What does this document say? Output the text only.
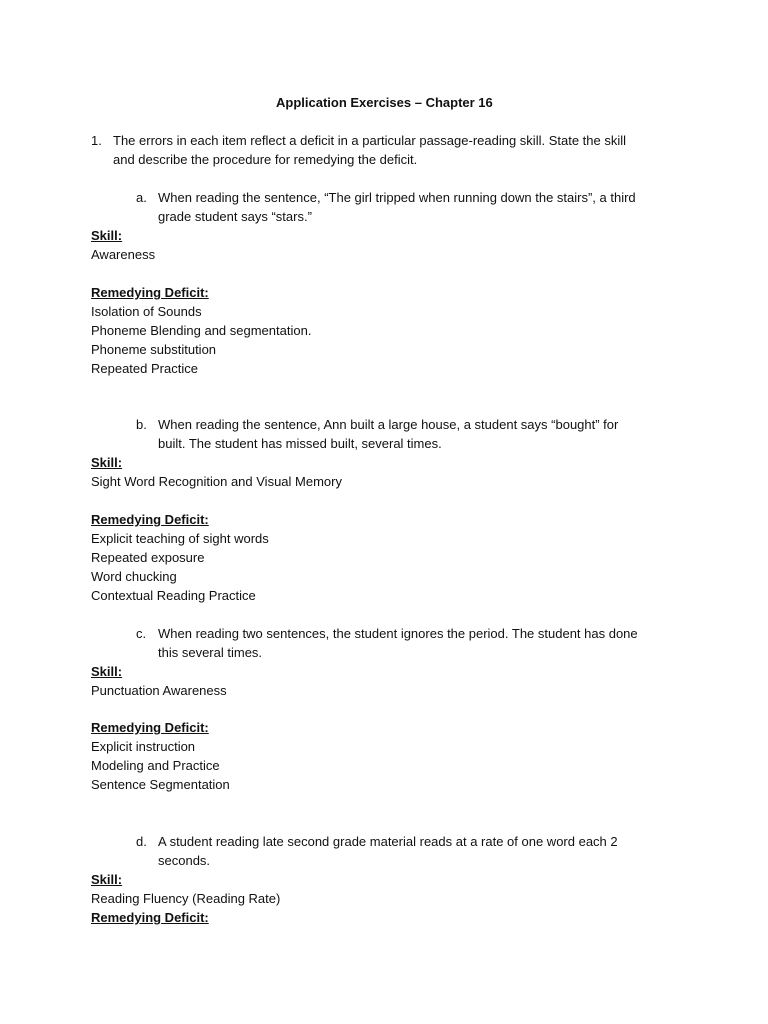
Application Exercises – Chapter 16
1. The errors in each item reflect a deficit in a particular passage-reading skill. State the skill
and describe the procedure for remedying the deficit.
a. When reading the sentence, “The girl tripped when running down the stairs”, a third
grade student says “stars.”
Skill:
Awareness
Remedying Deficit:
Isolation of Sounds
Phoneme Blending and segmentation.
Phoneme substitution
Repeated Practice
b. When reading the sentence, Ann built a large house, a student says “bought” for
built. The student has missed built, several times.
Skill:
Sight Word Recognition and Visual Memory
Remedying Deficit:
Explicit teaching of sight words
Repeated exposure
Word chucking
Contextual Reading Practice
c. When reading two sentences, the student ignores the period. The student has done
this several times.
Skill:
Punctuation Awareness
Remedying Deficit:
Explicit instruction
Modeling and Practice
Sentence Segmentation
d. A student reading late second grade material reads at a rate of one word each 2
seconds.
Skill:
Reading Fluency (Reading Rate)
Remedying Deficit:
